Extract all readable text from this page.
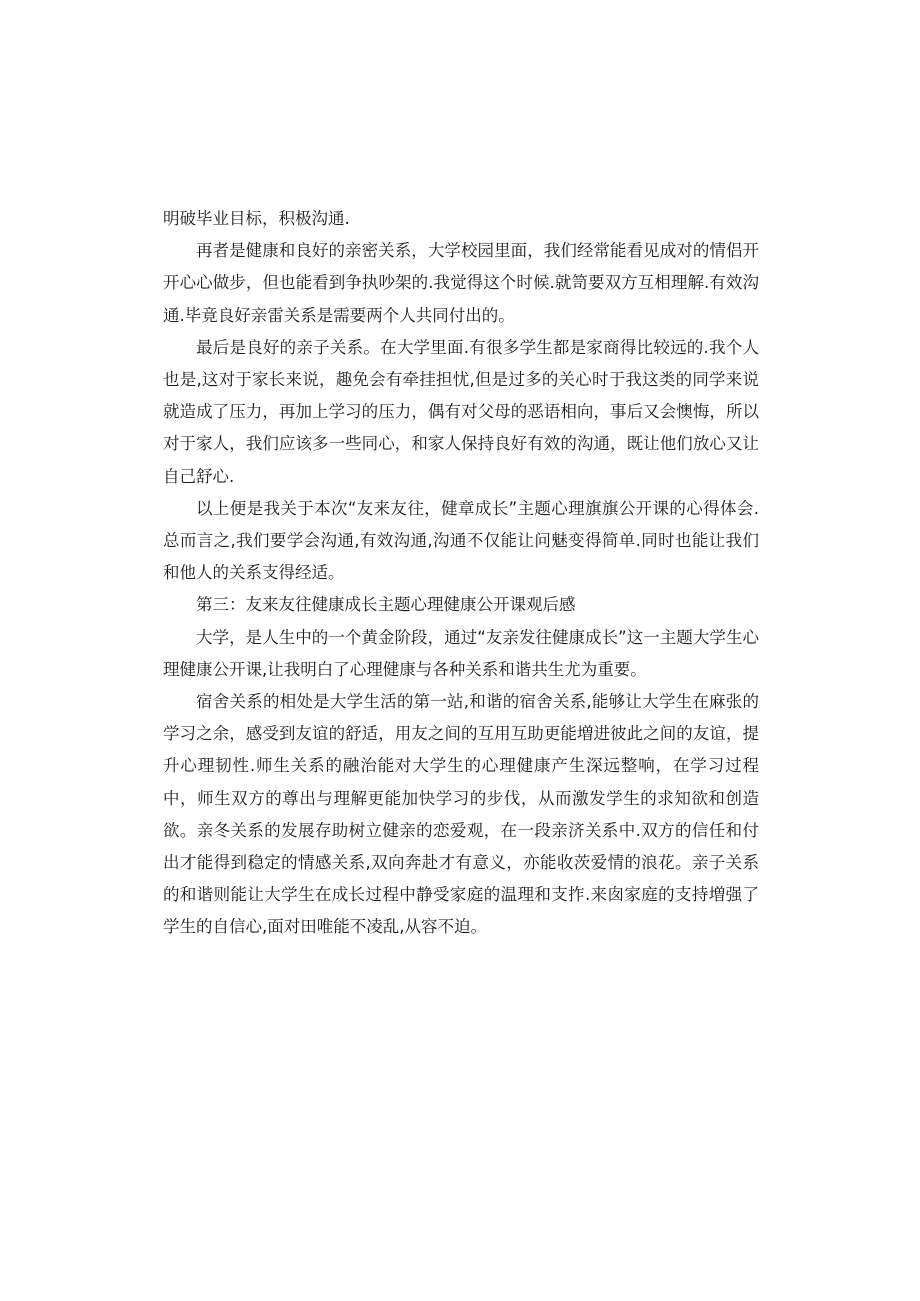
明破毕业目标，积极沟通.

再者是健康和良好的亲密关系，大学校园里面，我们经常能看见成对的情侣开开心心做步，但也能看到争执吵架的.我觉得这个时候.就笥要双方互相理解.有效沟通.毕竟良好亲雷关系是需要两个人共同付出的。

最后是良好的亲子关系。在大学里面.有很多学生都是家商得比较远的.我个人也是,这对于家长来说，趣免会有牵挂担忧,但是过多的关心时于我这类的同学来说就造成了压力，再加上学习的压力，偶有对父母的恶语相向，事后又会懊悔，所以对于家人，我们应该多一些同心，和家人保持良好有效的沟通，既让他们放心又让自己舒心.

以上便是我关于本次“友来友往，健章成长”主题心理旗旗公开课的心得体会.总而言之,我们要学会沟通,有效沟通,沟通不仅能让问魅变得简单.同时也能让我们和他人的关系支得经适。

第三：友来友往健康成长主题心理健康公开课观后感

大学，是人生中的一个黄金阶段，通过“友亲发往健康成长”这一主题大学生心理健康公开课,让我明白了心理健康与各种关系和谐共生尤为重要。

宿舍关系的相处是大学生活的第一站,和谐的宿舍关系,能够让大学生在麻张的学习之余，感受到友谊的舒适，用友之间的互用互助更能増进彼此之间的友谊，提升心理韧性.师生关系的融治能对大学生的心理健康产生深远整响，在学习过程中，师生双方的尊出与理解更能加快学习的步伐，从而激发学生的求知欲和创造欲。亲冬关系的发展存助树立健亲的恋爱观，在一段亲济关系中.双方的信任和付出才能得到稳定的情感关系,双向奔赴才有意义，亦能收茨爱情的浪花。亲子关系的和谐则能让大学生在成长过程中静受家庭的温理和支拃.来囱家庭的支持増强了学生的自信心,面对田唯能不凌乱,从容不迫。
